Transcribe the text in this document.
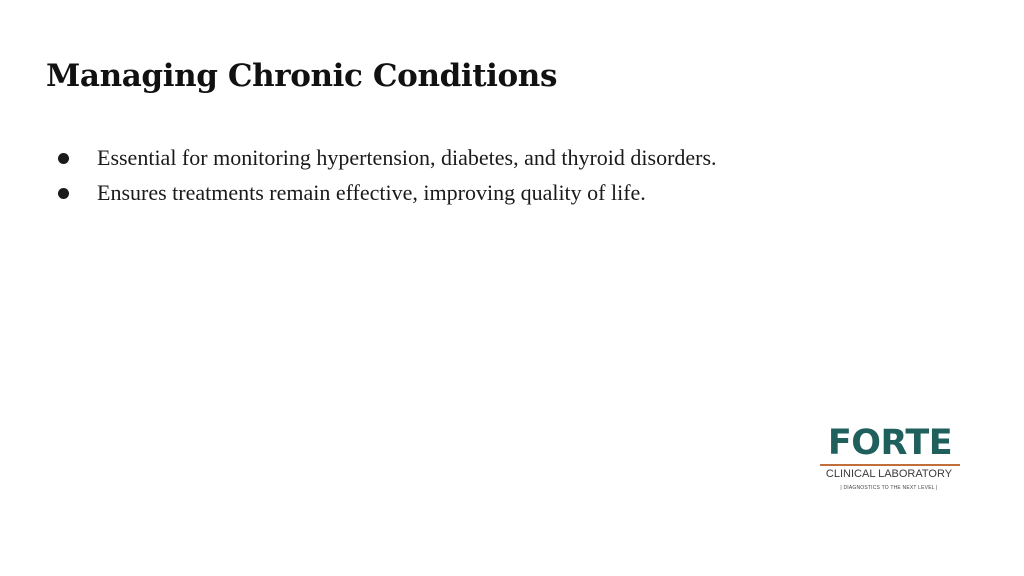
Managing Chronic Conditions
Essential for monitoring hypertension, diabetes, and thyroid disorders.
Ensures treatments remain effective, improving quality of life.
FORTE
CLINICAL LABORATORY
| DIAGNOSTICS TO THE NEXT LEVEL |
